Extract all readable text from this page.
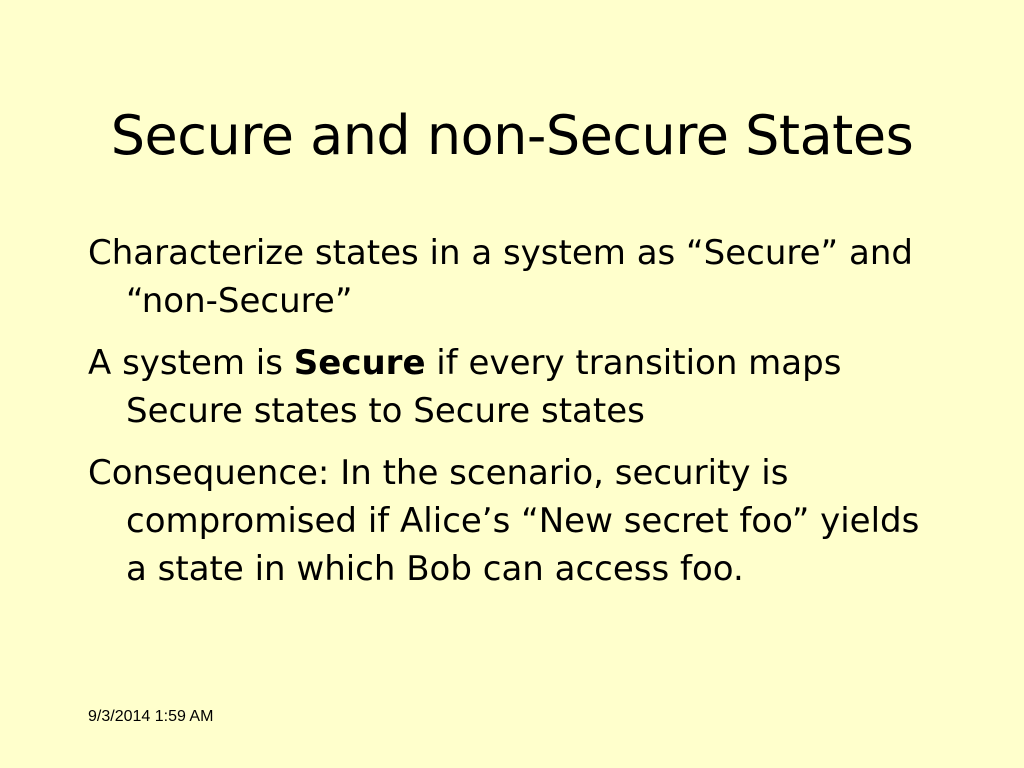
Secure and non-Secure States
Characterize states in a system as “Secure” and “non-Secure”
A system is Secure if every transition maps Secure states to Secure states
Consequence: In the scenario, security is compromised if Alice’s “New secret foo” yields a state in which Bob can access foo.
9/3/2014 1:59 AM
